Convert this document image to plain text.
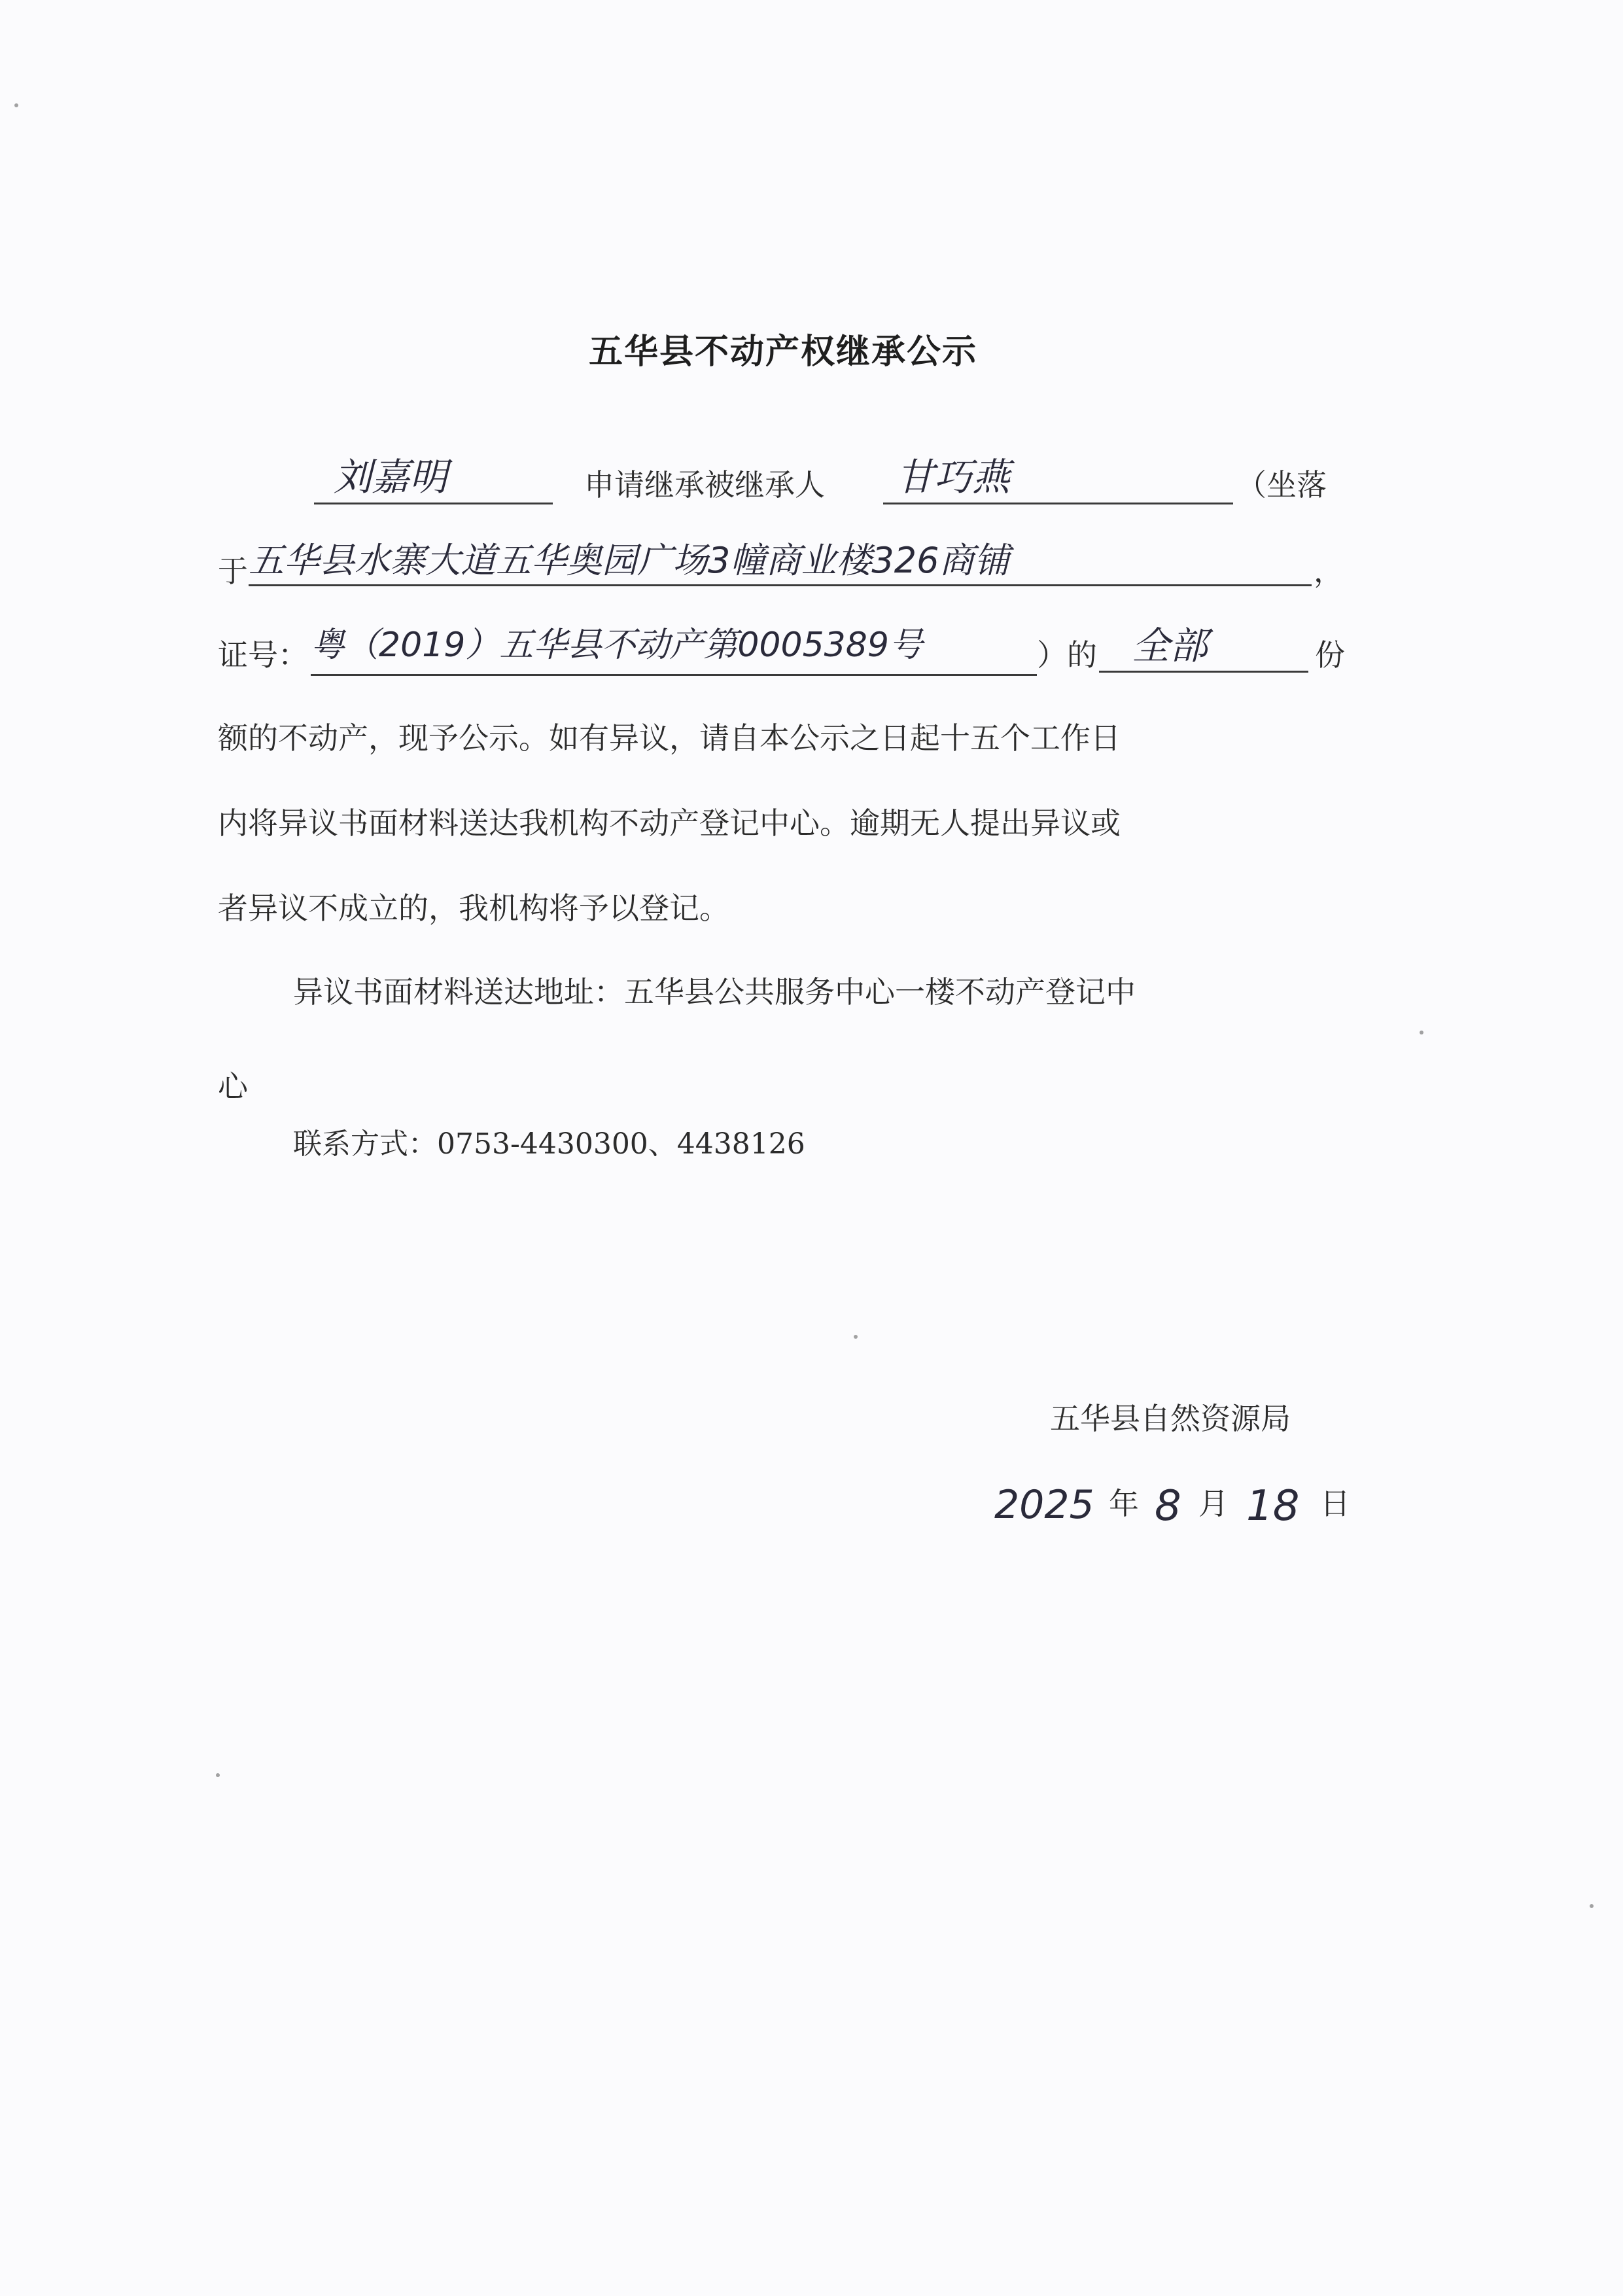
五华县不动产权继承公示
刘嘉明	申请继承被继承人 甘巧燕	（坐落
于 五华县水寨大道五华奥园广场3幢商业楼326商铺	，
证号： 粤（2019）五华县不动产第0005389号	）的 全部	份
额的不动产，现予公示。如有异议，请自本公示之日起十五个工作日
内将异议书面材料送达我机构不动产登记中心。逾期无人提出异议或
者异议不成立的，我机构将予以登记。
异议书面材料送达地址：五华县公共服务中心一楼不动产登记中
心
联系方式：0753-4430300、4438126
五华县自然资源局
2025 年 8 月 18 日
